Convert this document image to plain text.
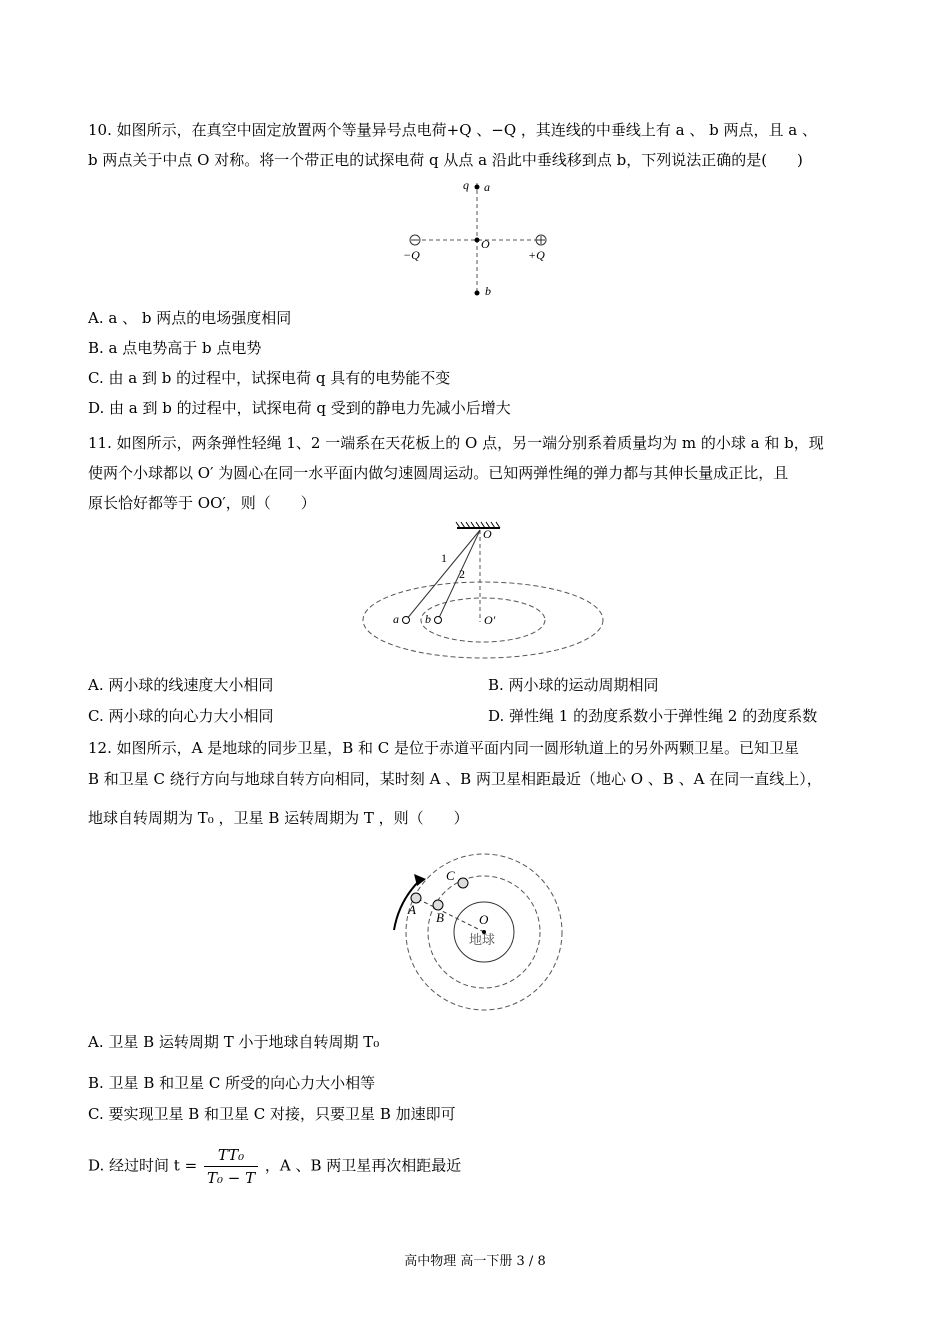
10. 如图所示，在真空中固定放置两个等量异号点电荷+Q 、−Q ，其连线的中垂线上有 a 、 b 两点，且 a 、
b 两点关于中点 O 对称。将一个带正电的试探电荷 q 从点 a 沿此中垂线移到点 b，下列说法正确的是(　　)
q a
−Q
O
+Q
b
A. a 、 b 两点的电场强度相同
B. a 点电势高于 b 点电势
C. 由 a 到 b 的过程中，试探电荷 q 具有的电势能不变
D. 由 a 到 b 的过程中，试探电荷 q 受到的静电力先减小后增大
11. 如图所示，两条弹性轻绳 1、2 一端系在天花板上的 O 点，另一端分别系着质量均为 m 的小球 a 和 b，现
使两个小球都以 O′ 为圆心在同一水平面内做匀速圆周运动。已知两弹性绳的弹力都与其伸长量成正比，且
原长恰好都等于 OO′，则（　　）
O
1
2
a b	O′
A. 两小球的线速度大小相同	B. 两小球的运动周期相同
C. 两小球的向心力大小相同	D. 弹性绳 1 的劲度系数小于弹性绳 2 的劲度系数
12. 如图所示，A 是地球的同步卫星，B 和 C 是位于赤道平面内同一圆形轨道上的另外两颗卫星。已知卫星
B 和卫星 C 绕行方向与地球自转方向相同，某时刻 A 、B 两卫星相距最近（地心 O 、B 、A 在同一直线上），
地球自转周期为 T₀ ，卫星 B 运转周期为 T ，则（　　）
A
B
C
O
地球
A. 卫星 B 运转周期 T 小于地球自转周期 T₀
B. 卫星 B 和卫星 C 所受的向心力大小相等
C. 要实现卫星 B 和卫星 C 对接，只要卫星 B 加速即可
D. 经过时间 $t = \frac{\text{TT₀}}{\text{T₀ − T}}$ ，A 、B 两卫星再次相距最近
高中物理 高一下册 3 / 8
